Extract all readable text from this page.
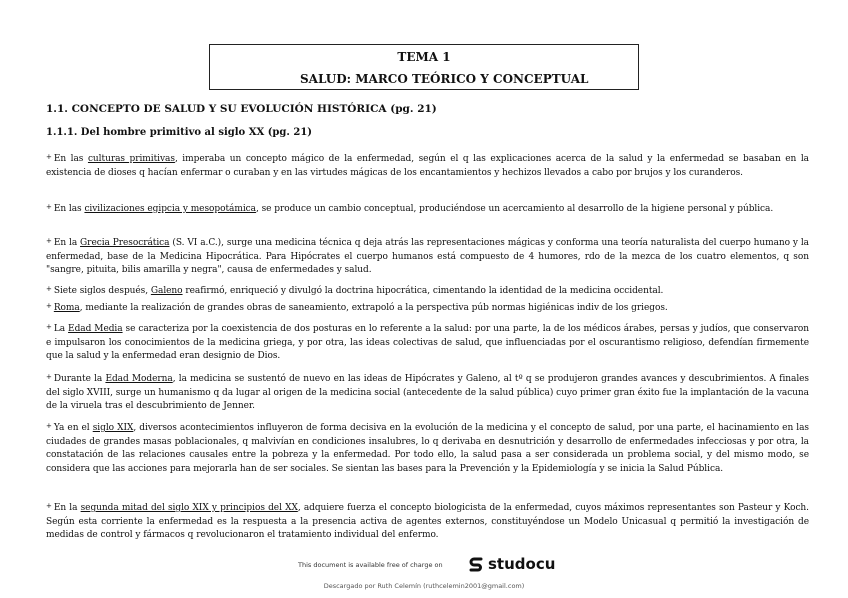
TEMA 1
SALUD: MARCO TEÓRICO Y CONCEPTUAL
1.1. CONCEPTO DE SALUD Y SU EVOLUCIÓN HISTÓRICA (pg. 21)
1.1.1. Del hombre primitivo al siglo XX (pg. 21)
+ En las culturas primitivas, imperaba un concepto mágico de la enfermedad, según el q las explicaciones acerca de la salud y la enfermedad se basaban en la existencia de dioses q hacían enfermar o curaban y en las virtudes mágicas de los encantamientos y hechizos llevados a cabo por brujos y los curanderos.
+ En las civilizaciones egipcia y mesopotámica, se produce un cambio conceptual, produciéndose un acercamiento al desarrollo de la higiene personal y pública.
+ En la Grecia Presocrática (S. VI a.C.), surge una medicina técnica q deja atrás las representaciones mágicas y conforma una teoría naturalista del cuerpo humano y la enfermedad, base de la Medicina Hipocrática. Para Hipócrates el cuerpo humanos está compuesto de 4 humores, rdo de la mezca de los cuatro elementos, q son "sangre, pituita, bilis amarilla y negra", causa de enfermedades y salud.
+ Siete siglos después, Galeno reafirmó, enriqueció y divulgó la doctrina hipocrática, cimentando la identidad de la medicina occidental.
+ Roma, mediante la realización de grandes obras de saneamiento, extrapoló a la perspectiva púb normas higiénicas indiv de los griegos.
+ La Edad Media se caracteriza por la coexistencia de dos posturas en lo referente a la salud: por una parte, la de los médicos árabes, persas y judíos, que conservaron e impulsaron los conocimientos de la medicina griega, y por otra, las ideas colectivas de salud, que influenciadas por el oscurantismo religioso, defendían firmemente que la salud y la enfermedad eran designio de Dios.
+ Durante la Edad Moderna, la medicina se sustentó de nuevo en las ideas de Hipócrates y Galeno, al tº q se produjeron grandes avances y descubrimientos. A finales del siglo XVIII, surge un humanismo q da lugar al origen de la medicina social (antecedente de la salud pública) cuyo primer gran éxito fue la implantación de la vacuna de la viruela tras el descubrimiento de Jenner.
+ Ya en el siglo XIX, diversos acontecimientos influyeron de forma decisiva en la evolución de la medicina y el concepto de salud, por una parte, el hacinamiento en las ciudades de grandes masas poblacionales, q malvivían en condiciones insalubres, lo q derivaba en desnutrición y desarrollo de enfermedades infecciosas y por otra, la constatación de las relaciones causales entre la pobreza y la enfermedad. Por todo ello, la salud pasa a ser considerada un problema social, y del mismo modo, se considera que las acciones para mejorarla han de ser sociales. Se sientan las bases para la Prevención y la Epidemiología y se inicia la Salud Pública.
+ En la segunda mitad del siglo XIX y principios del XX, adquiere fuerza el concepto biologicista de la enfermedad, cuyos máximos representantes son Pasteur y Koch. Según esta corriente la enfermedad es la respuesta a la presencia activa de agentes externos, constituyéndose un Modelo Unicasual q permitió la investigación de medidas de control y fármacos q revolucionaron el tratamiento individual del enfermo.
This document is available free of charge on	studocu
Descargado por Ruth Celemín (ruthcelemin2001@gmail.com)
